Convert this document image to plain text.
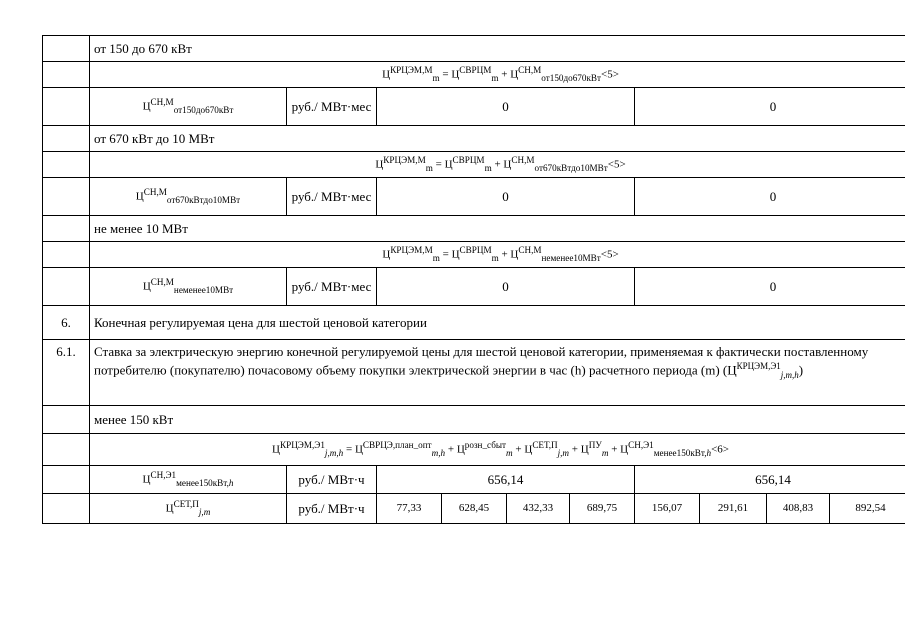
	от 150 до 670 кВт									
	$Ц^{КРЦЭМ,М}_m = Ц^{СВРЦМ}_m + Ц^{СН,М}_{от150до670кВт}<5>$									
	$Ц^{СН,М}_{от150до670кВт}$	руб./ МВт·мес	0				0			
	от 670 кВт до 10 МВт									
	$Ц^{КРЦЭМ,М}_m = Ц^{СВРЦМ}_m + Ц^{СН,М}_{от670кВтдо10МВт}<5>$									
	$Ц^{СН,М}_{от670кВтдо10МВт}$	руб./ МВт·мес	0				0			
	не менее 10 МВт									
	$Ц^{КРЦЭМ,М}_m = Ц^{СВРЦМ}_m + Ц^{СН,М}_{неменее10МВт}<5>$									
	$Ц^{СН,М}_{неменее10МВт}$	руб./ МВт·мес	0				0			
6.	Конечная регулируемая цена для шестой ценовой категории									
6.1.	Ставка за электрическую энергию конечной регулируемой цены для шестой ценовой категории, применяемая к фактически поставленному потребителю (покупателю) почасовому объему покупки электрической энергии в час (h) расчетного периода (m) $(Ц^{КРЦЭМ,Э1}_{j,m,h})$									
	менее 150 кВт									
	$Ц^{КРЦЭМ,Э1}_{j,m,h} = Ц^{СВРЦЭ,план\_опт}_{m,h} + Ц^{розн\_сбыт}_m + Ц^{СЕТ,П}_{j,m} + Ц^{ПУ}_m + Ц^{СН,Э1}_{менее150кВт,h}<6>$									
	$Ц^{СН,Э1}_{менее150кВт,h}$	руб./ МВт·ч	656,14				656,14			
	$Ц^{СЕТ,П}_{j,m}$	руб./ МВт·ч	77,33	628,45	432,33	689,75	156,07	291,61	408,83	892,54
